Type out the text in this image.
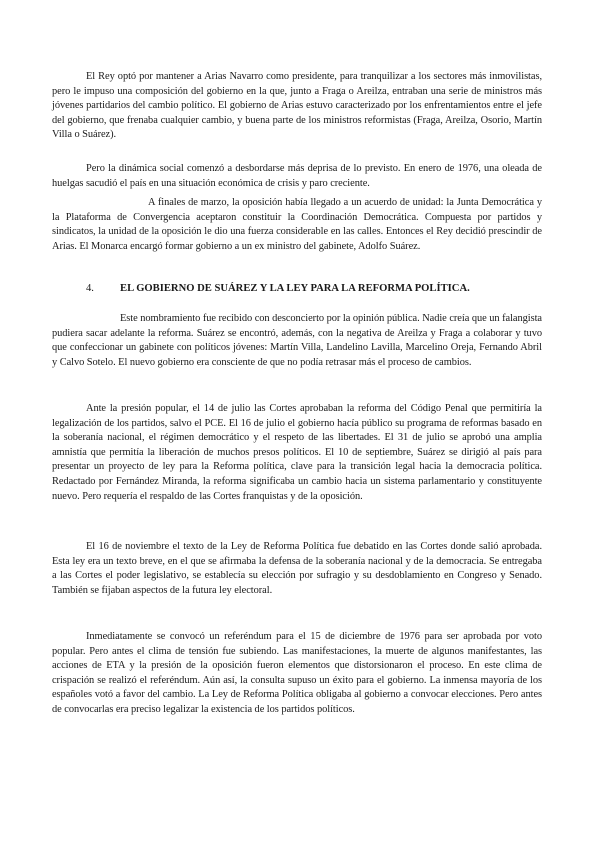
El Rey optó por mantener a Arias Navarro como presidente, para tranquilizar a los sectores más inmovilistas, pero le impuso una composición del gobierno en la que, junto a Fraga o Areilza, entraban una serie de ministros más jóvenes partidarios del cambio político. El gobierno de Arias estuvo caracterizado por los enfrentamientos entre el jefe del gobierno, que frenaba cualquier cambio, y buena parte de los ministros reformistas (Fraga, Areilza, Osorio, Martín Villa o Suárez).

Pero la dinámica social comenzó a desbordarse más deprisa de lo previsto. En enero de 1976, una oleada de huelgas sacudió el país en una situación económica de crisis y paro creciente.

A finales de marzo, la oposición había llegado a un acuerdo de unidad: la Junta Democrática y la Plataforma de Convergencia aceptaron constituir la Coordinación Democrática. Compuesta por partidos y sindicatos, la unidad de la oposición le dio una fuerza considerable en las calles. Entonces el Rey decidió prescindir de Arias. El Monarca encargó formar gobierno a un ex ministro del gabinete, Adolfo Suárez.

4. EL GOBIERNO DE SUÁREZ Y LA LEY PARA LA REFORMA POLÍTICA.

Este nombramiento fue recibido con desconcierto por la opinión pública. Nadie creía que un falangista pudiera sacar adelante la reforma. Suárez se encontró, además, con la negativa de Areilza y Fraga a colaborar y tuvo que confeccionar un gabinete con políticos jóvenes: Martín Villa, Landelino Lavilla, Marcelino Oreja, Fernando Abril y Calvo Sotelo. El nuevo gobierno era consciente de que no podía retrasar más el proceso de cambios.

Ante la presión popular, el 14 de julio las Cortes aprobaban la reforma del Código Penal que permitiría la legalización de los partidos, salvo el PCE. El 16 de julio el gobierno hacía público su programa de reformas basado en la soberanía nacional, el régimen democrático y el respeto de las libertades. El 31 de julio se aprobó una amplia amnistía que permitía la liberación de muchos presos políticos. El 10 de septiembre, Suárez se dirigió al país para presentar un proyecto de ley para la Reforma política, clave para la transición legal hacia la democracia política. Redactado por Fernández Miranda, la reforma significaba un cambio hacia un sistema parlamentario y constituyente nuevo. Pero requería el respaldo de las Cortes franquistas y de la oposición.

El 16 de noviembre el texto de la Ley de Reforma Política fue debatido en las Cortes donde salió aprobada. Esta ley era un texto breve, en el que se afirmaba la defensa de la soberanía nacional y de la democracia. Se entregaba a las Cortes el poder legislativo, se establecía su elección por sufragio y su desdoblamiento en Congreso y Senado. También se fijaban aspectos de la futura ley electoral.

Inmediatamente se convocó un referéndum para el 15 de diciembre de 1976 para ser aprobada por voto popular. Pero antes el clima de tensión fue subiendo. Las manifestaciones, la muerte de algunos manifestantes, las acciones de ETA y la presión de la oposición fueron elementos que distorsionaron el proceso. En este clima de crispación se realizó el referéndum. Aún así, la consulta supuso un éxito para el gobierno. La inmensa mayoría de los españoles votó a favor del cambio. La Ley de Reforma Política obligaba al gobierno a convocar elecciones. Pero antes de convocarlas era preciso legalizar la existencia de los partidos políticos.
